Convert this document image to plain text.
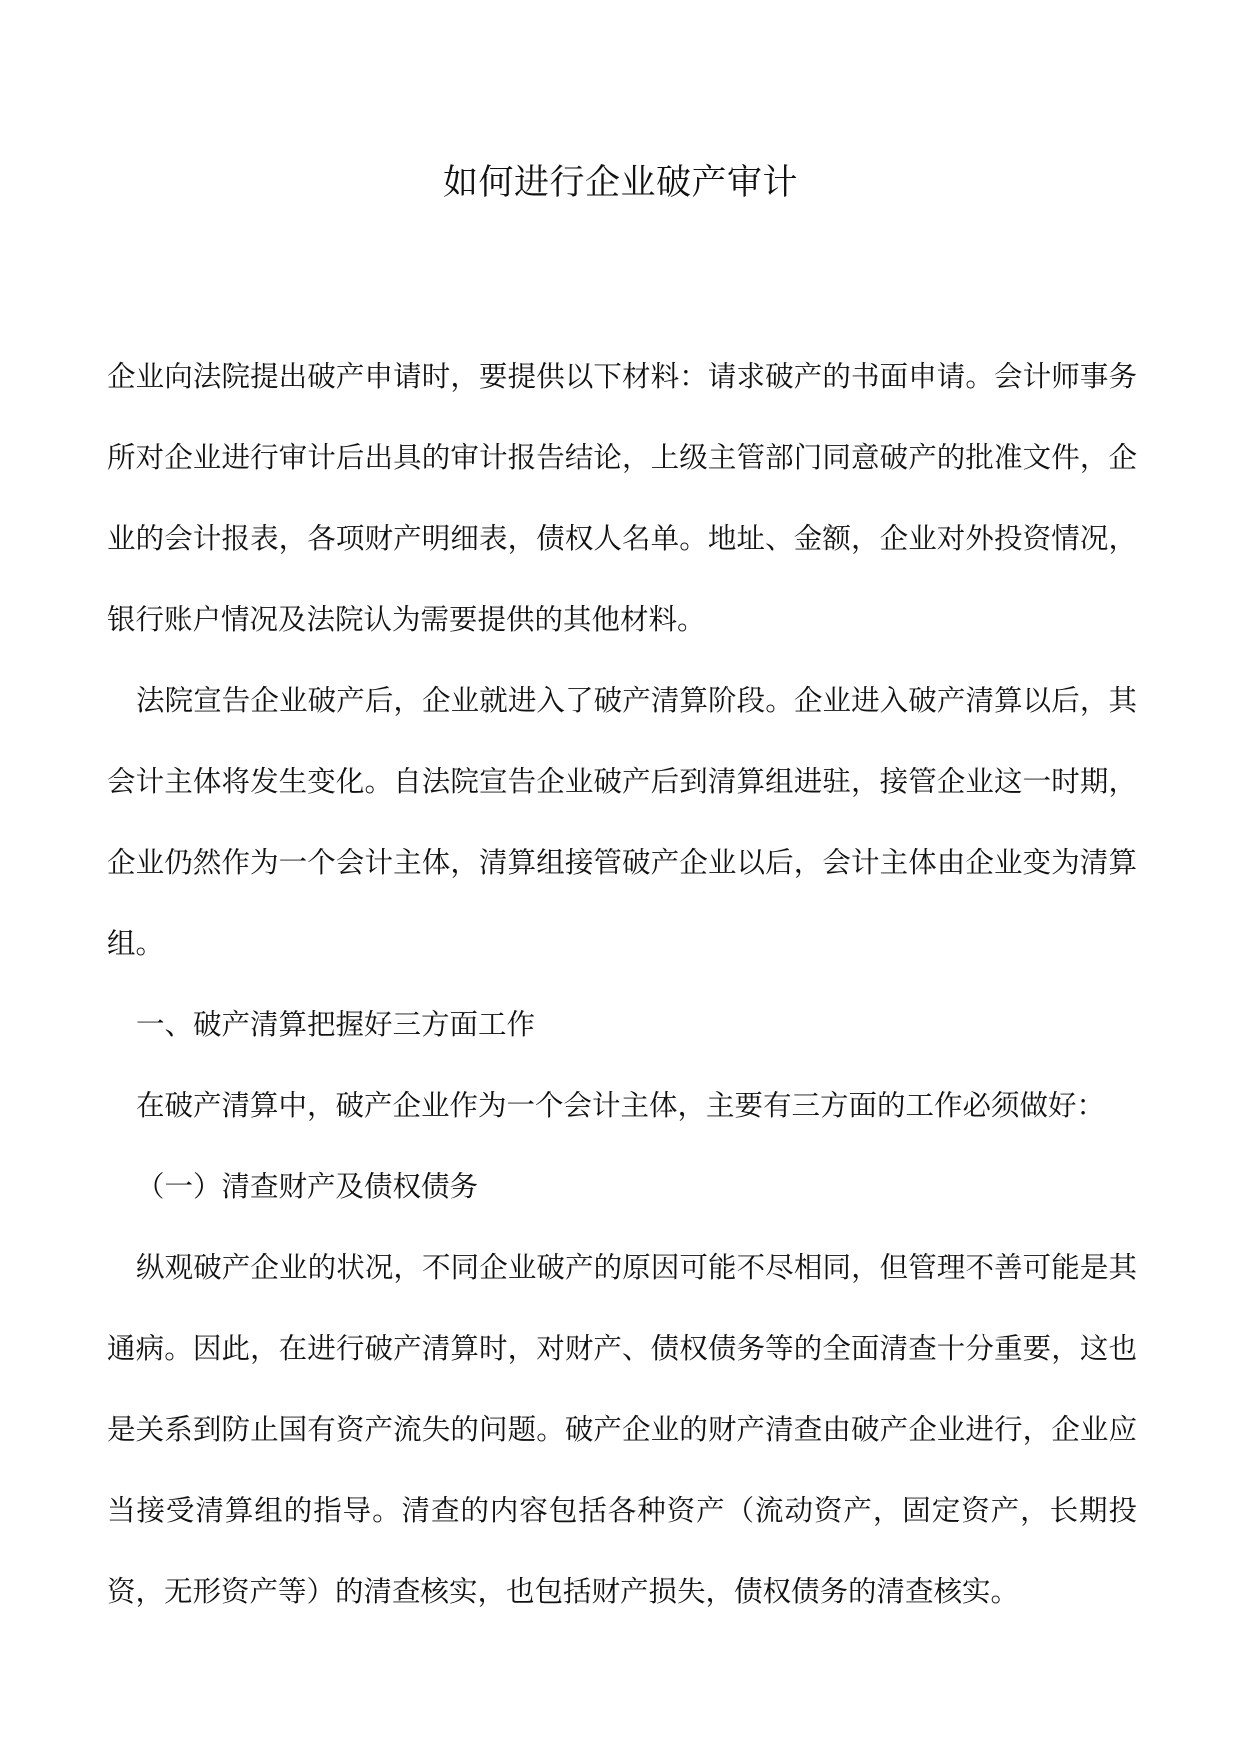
如何进行企业破产审计

企业向法院提出破产申请时，要提供以下材料：请求破产的书面申请。会计师事务所对企业进行审计后出具的审计报告结论，上级主管部门同意破产的批准文件，企业的会计报表，各项财产明细表，债权人名单。地址、金额，企业对外投资情况，银行账户情况及法院认为需要提供的其他材料。

法院宣告企业破产后，企业就进入了破产清算阶段。企业进入破产清算以后，其会计主体将发生变化。自法院宣告企业破产后到清算组进驻，接管企业这一时期，企业仍然作为一个会计主体，清算组接管破产企业以后，会计主体由企业变为清算组。

一、破产清算把握好三方面工作

在破产清算中，破产企业作为一个会计主体，主要有三方面的工作必须做好：

（一）清查财产及债权债务

纵观破产企业的状况，不同企业破产的原因可能不尽相同，但管理不善可能是其通病。因此，在进行破产清算时，对财产、债权债务等的全面清查十分重要，这也是关系到防止国有资产流失的问题。破产企业的财产清查由破产企业进行，企业应当接受清算组的指导。清查的内容包括各种资产（流动资产，固定资产，长期投资，无形资产等）的清查核实，也包括财产损失，债权债务的清查核实。
